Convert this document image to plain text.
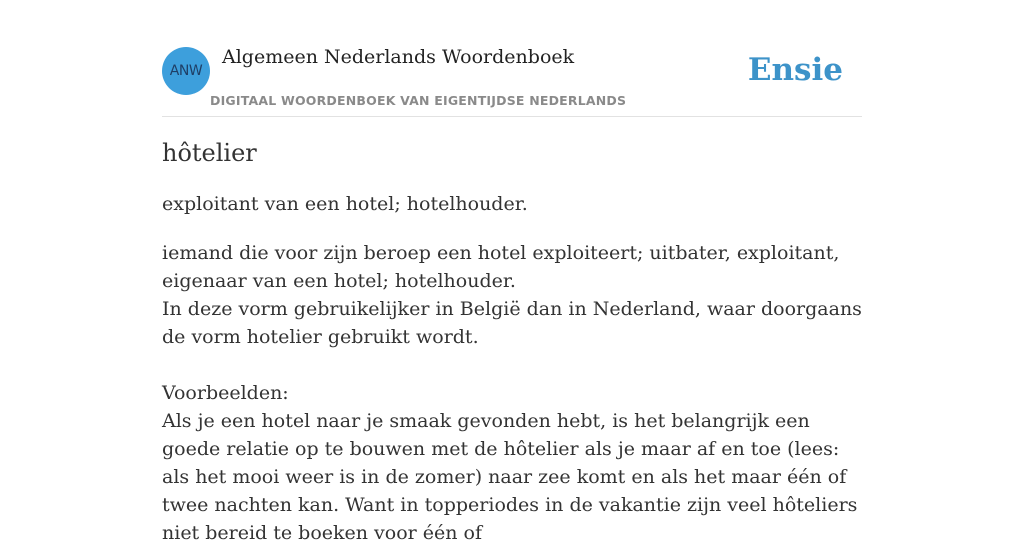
ANW
Algemeen Nederlands Woordenboek
DIGITAAL WOORDENBOEK VAN EIGENTIJDSE NEDERLANDS
Ensie
hôtelier

exploitant van een hotel; hotelhouder.

iemand die voor zijn beroep een hotel exploiteert; uitbater, exploitant, eigenaar van een hotel; hotelhouder.

In deze vorm gebruikelijker in België dan in Nederland, waar doorgaans de vorm hotelier gebruikt wordt.

Voorbeelden:

Als je een hotel naar je smaak gevonden hebt, is het belangrijk een goede relatie op te bouwen met de hôtelier als je maar af en toe (lees: als het mooi weer is in de zomer) naar zee komt en als het maar één of twee nachten kan. Want in topperiodes in de vakantie zijn veel hôteliers niet bereid te boeken voor één of
